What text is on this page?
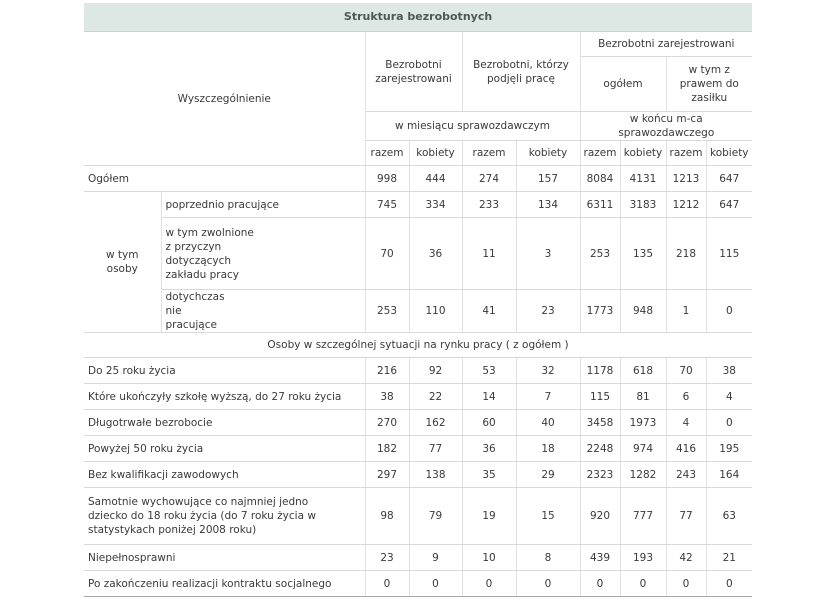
Struktura bezrobotnych									
Wyszczególnienie		Bezrobotni zarejestrowani		Bezrobotni, którzy podjęli pracę		Bezrobotni zarejestrowani			
						ogółem		w tym z prawem do zasiłku	
		w miesiącu sprawozdawczym				w końcu m-ca sprawozdawczego			
		razem	kobiety	razem	kobiety	razem	kobiety	razem	kobiety
Ogółem		998	444	274	157	8084	4131	1213	647
w tym osoby	poprzednio pracujące	745	334	233	134	6311	3183	1212	647
	w tym zwolnione z przyczyn dotyczących zakładu pracy	70	36	11	3	253	135	218	115
	dotychczas nie pracujące	253	110	41	23	1773	948	1	0
Osoby w szczególnej sytuacji na rynku pracy ( z ogółem )									
Do 25 roku życia		216	92	53	32	1178	618	70	38
Które ukończyły szkołę wyższą, do 27 roku życia		38	22	14	7	115	81	6	4
Długotrwałe bezrobocie		270	162	60	40	3458	1973	4	0
Powyżej 50 roku życia		182	77	36	18	2248	974	416	195
Bez kwalifikacji zawodowych		297	138	35	29	2323	1282	243	164
Samotnie wychowujące co najmniej jedno dziecko do 18 roku życia (do 7 roku życia w statystykach poniżej 2008 roku)		98	79	19	15	920	777	77	63
Niepełnosprawni		23	9	10	8	439	193	42	21
Po zakończeniu realizacji kontraktu socjalnego		0	0	0	0	0	0	0	0
